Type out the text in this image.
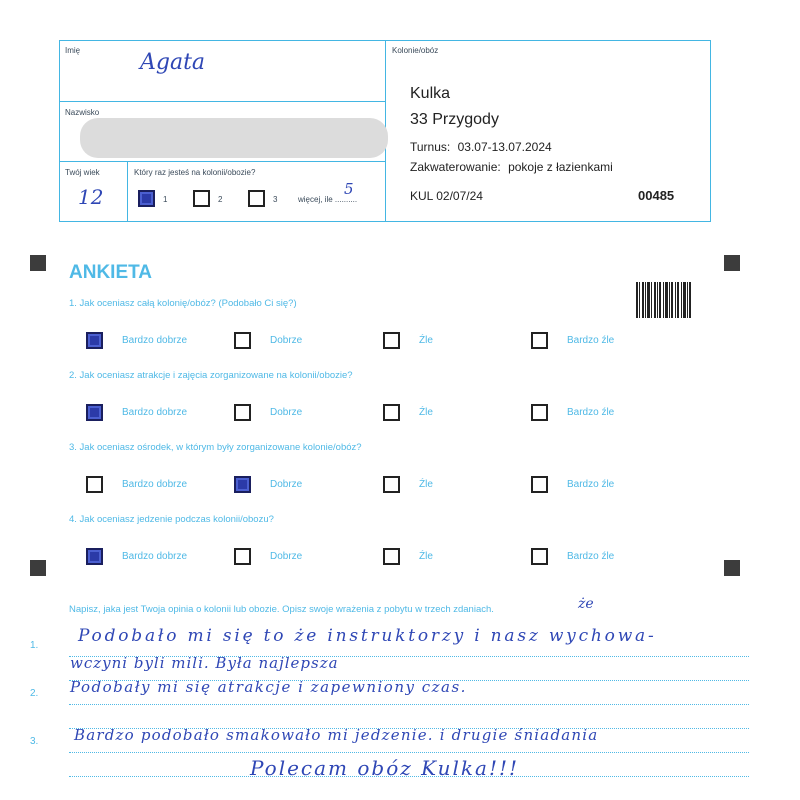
Imię	Agata
Nazwisko
Twój wiek
12
Który raz jesteś na kolonii/obozie?
1	2	3	więcej, ile ..........
5
Kolonie/obóz
Kulka
33 Przygody
Turnus: 03.07-13.07.2024
Zakwaterowanie: pokoje z łazienkami
KUL 02/07/24	00485
ANKIETA
1. Jak oceniasz całą kolonię/obóz? (Podobało Ci się?)
Bardzo dobrze	Dobrze	Źle	Bardzo źle
2. Jak oceniasz atrakcje i zajęcia zorganizowane na kolonii/obozie?
Bardzo dobrze	Dobrze	Źle	Bardzo źle
3. Jak oceniasz ośrodek, w którym były zorganizowane kolonie/obóz?
Bardzo dobrze	Dobrze	Źle	Bardzo źle
4. Jak oceniasz jedzenie podczas kolonii/obozu?
Bardzo dobrze	Dobrze	Źle	Bardzo źle
Napisz, jaka jest Twoja opinia o kolonii lub obozie. Opisz swoje wrażenia z pobytu w trzech zdaniach.
1.
2.
3.
że
Podobało mi się to że instruktorzy i nasz wychowa-
wczyni byli mili. Była najlepsza
Podobały mi się atrakcje i zapewniony czas.
Bardzo podobało smakowało mi jedzenie. i drugie śniadania
Polecam obóz Kulka!!!
